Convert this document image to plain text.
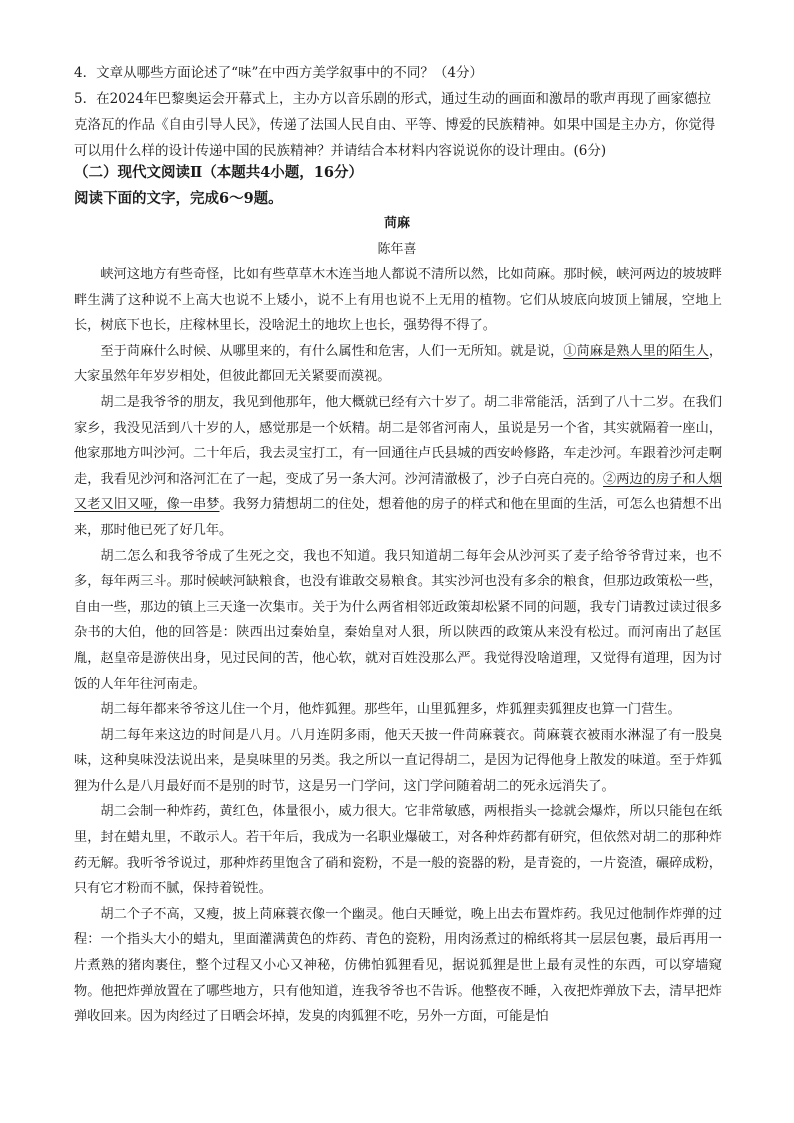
4．文章从哪些方面论述了“味”在中西方美学叙事中的不同？（4分）

5．在2024年巴黎奥运会开幕式上，主办方以音乐剧的形式，通过生动的画面和激昂的歌声再现了画家德拉克洛瓦的作品《自由引导人民》，传递了法国人民自由、平等、博爱的民族精神。如果中国是主办方，你觉得可以用什么样的设计传递中国的民族精神？并请结合本材料内容说说你的设计理由。(6分)

（二）现代文阅读Ⅱ（本题共4小题，16分）

阅读下面的文字，完成6～9题。

苘麻

陈年喜

峡河这地方有些奇怪，比如有些草草木木连当地人都说不清所以然，比如苘麻。那时候，峡河两边的坡坡畔畔生满了这种说不上高大也说不上矮小，说不上有用也说不上无用的植物。它们从坡底向坡顶上铺展，空地上长，树底下也长，庄稼林里长，没啥泥土的地坎上也长，强势得不得了。

至于苘麻什么时候、从哪里来的，有什么属性和危害，人们一无所知。就是说，①苘麻是熟人里的陌生人，大家虽然年年岁岁相处，但彼此都回无关紧要而漠视。

胡二是我爷爷的朋友，我见到他那年，他大概就已经有六十岁了。胡二非常能活，活到了八十二岁。在我们家乡，我没见活到八十岁的人，感觉那是一个妖精。胡二是邻省河南人，虽说是另一个省，其实就隔着一座山，他家那地方叫沙河。二十年后，我去灵宝打工，有一回通往卢氏县城的西安岭修路，车走沙河。车跟着沙河走啊走，我看见沙河和洛河汇在了一起，变成了另一条大河。沙河清澈极了，沙子白亮白亮的。②两边的房子和人烟又老又旧又哑，像一串梦。我努力猜想胡二的住处，想着他的房子的样式和他在里面的生活，可怎么也猜想不出来，那时他已死了好几年。

胡二怎么和我爷爷成了生死之交，我也不知道。我只知道胡二每年会从沙河买了麦子给爷爷背过来，也不多，每年两三斗。那时候峡河缺粮食，也没有谁敢交易粮食。其实沙河也没有多余的粮食，但那边政策松一些，自由一些，那边的镇上三天逢一次集市。关于为什么两省相邻近政策却松紧不同的问题，我专门请教过读过很多杂书的大伯，他的回答是：陕西出过秦始皇，秦始皇对人狠，所以陕西的政策从来没有松过。而河南出了赵匡胤，赵皇帝是游侠出身，见过民间的苦，他心软，就对百姓没那么严。我觉得没啥道理，又觉得有道理，因为讨饭的人年年往河南走。

胡二每年都来爷爷这儿住一个月，他炸狐狸。那些年，山里狐狸多，炸狐狸卖狐狸皮也算一门营生。

胡二每年来这边的时间是八月。八月连阴多雨，他天天披一件苘麻蓑衣。苘麻蓑衣被雨水淋湿了有一股臭味，这种臭味没法说出来，是臭味里的另类。我之所以一直记得胡二，是因为记得他身上散发的味道。至于炸狐狸为什么是八月最好而不是别的时节，这是另一门学问，这门学问随着胡二的死永远消失了。

胡二会制一种炸药，黄红色，体量很小，威力很大。它非常敏感，两根指头一捻就会爆炸，所以只能包在纸里，封在蜡丸里，不敢示人。若干年后，我成为一名职业爆破工，对各种炸药都有研究，但依然对胡二的那种炸药无解。我听爷爷说过，那种炸药里饱含了硝和瓷粉，不是一般的瓷器的粉，是青瓷的，一片瓷渣，碾碎成粉，只有它才粉而不腻，保持着锐性。

胡二个子不高，又瘦，披上苘麻蓑衣像一个幽灵。他白天睡觉，晚上出去布置炸药。我见过他制作炸弹的过程：一个指头大小的蜡丸，里面灌满黄色的炸药、青色的瓷粉，用肉汤煮过的棉纸将其一层层包裹，最后再用一片煮熟的猪肉裹住，整个过程又小心又神秘，仿佛怕狐狸看见，据说狐狸是世上最有灵性的东西，可以穿墙窥物。他把炸弹放置在了哪些地方，只有他知道，连我爷爷也不告诉。他整夜不睡，入夜把炸弹放下去，清早把炸弹收回来。因为肉经过了日晒会坏掉，发臭的肉狐狸不吃，另外一方面，可能是怕
